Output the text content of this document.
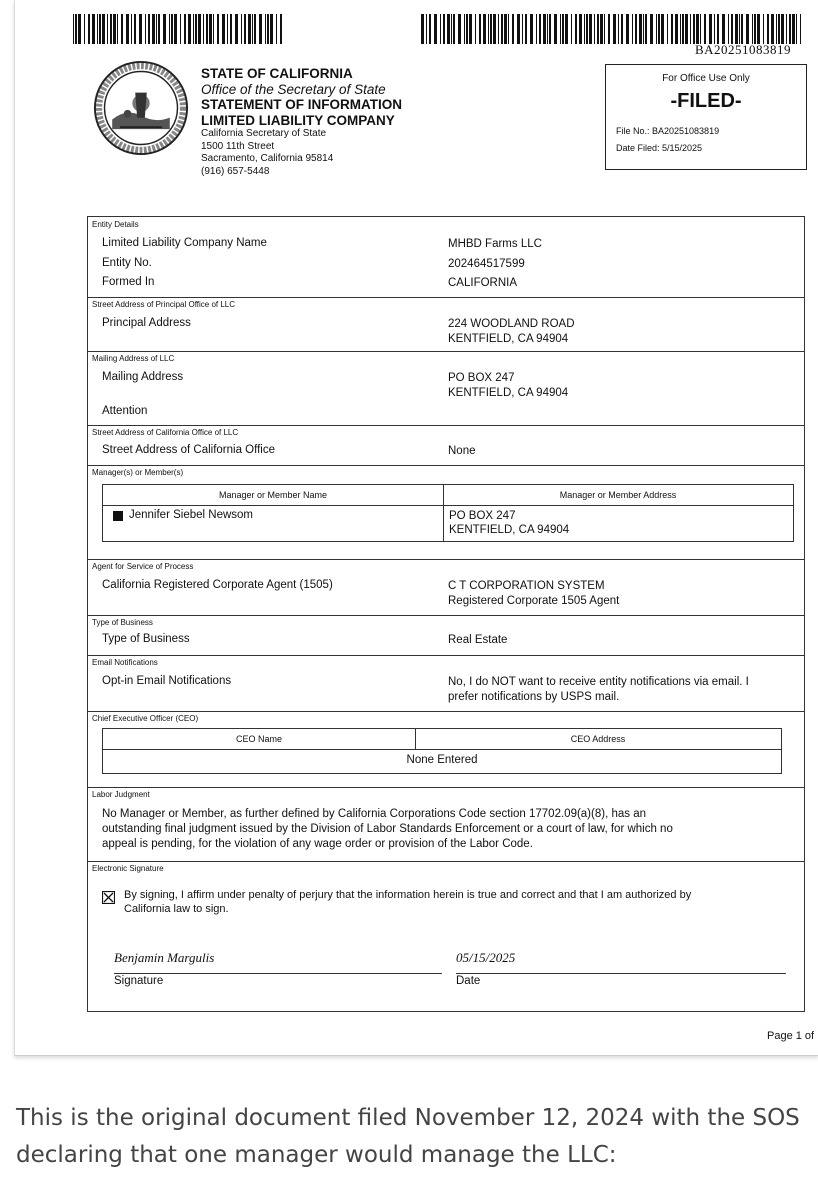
BA20251083819
STATE OF CALIFORNIA
Office of the Secretary of State
STATEMENT OF INFORMATION
LIMITED LIABILITY COMPANY
California Secretary of State
1500 11th Street
Sacramento, California 95814
(916) 657-5448
For Office Use Only
-FILED-
File No.: BA20251083819
Date Filed: 5/15/2025
Entity Details
Limited Liability Company Name	MHBD Farms LLC
Entity No.	202464517599
Formed In	CALIFORNIA
Street Address of Principal Office of LLC
Principal Address	224 WOODLAND ROAD
KENTFIELD, CA 94904
Mailing Address of LLC
Mailing Address	PO BOX 247
KENTFIELD, CA 94904
Attention
Street Address of California Office of LLC
Street Address of California Office	None
Manager(s) or Member(s)
Manager or Member Name	Manager or Member Address
Jennifer Siebel Newsom	PO BOX 247
KENTFIELD, CA 94904
Agent for Service of Process
California Registered Corporate Agent (1505)	C T CORPORATION SYSTEM
Registered Corporate 1505 Agent
Type of Business
Type of Business	Real Estate
Email Notifications
Opt-in Email Notifications	No, I do NOT want to receive entity notifications via email. I
prefer notifications by USPS mail.
Chief Executive Officer (CEO)
CEO Name	CEO Address
None Entered
Labor Judgment
No Manager or Member, as further defined by California Corporations Code section 17702.09(a)(8), has an
outstanding final judgment issued by the Division of Labor Standards Enforcement or a court of law, for which no
appeal is pending, for the violation of any wage order or provision of the Labor Code.
Electronic Signature
By signing, I affirm under penalty of perjury that the information herein is true and correct and that I am authorized by
California law to sign.
Benjamin Margulis	05/15/2025
Signature	Date
Page 1 of
This is the original document filed November 12, 2024 with the SOS declaring that one manager would manage the LLC:
